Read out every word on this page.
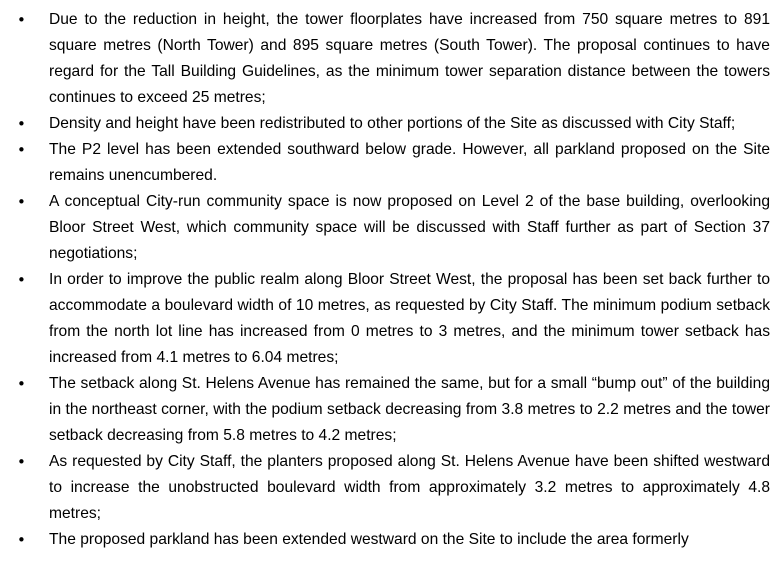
• Due to the reduction in height, the tower floorplates have increased from 750 square metres to 891 square metres (North Tower) and 895 square metres (South Tower). The proposal continues to have regard for the Tall Building Guidelines, as the minimum tower separation distance between the towers continues to exceed 25 metres;
• Density and height have been redistributed to other portions of the Site as discussed with City Staff;
• The P2 level has been extended southward below grade. However, all parkland proposed on the Site remains unencumbered.
• A conceptual City-run community space is now proposed on Level 2 of the base building, overlooking Bloor Street West, which community space will be discussed with Staff further as part of Section 37 negotiations;
• In order to improve the public realm along Bloor Street West, the proposal has been set back further to accommodate a boulevard width of 10 metres, as requested by City Staff. The minimum podium setback from the north lot line has increased from 0 metres to 3 metres, and the minimum tower setback has increased from 4.1 metres to 6.04 metres;
• The setback along St. Helens Avenue has remained the same, but for a small “bump out” of the building in the northeast corner, with the podium setback decreasing from 3.8 metres to 2.2 metres and the tower setback decreasing from 5.8 metres to 4.2 metres;
• As requested by City Staff, the planters proposed along St. Helens Avenue have been shifted westward to increase the unobstructed boulevard width from approximately 3.2 metres to approximately 4.8 metres;
• The proposed parkland has been extended westward on the Site to include the area formerly
